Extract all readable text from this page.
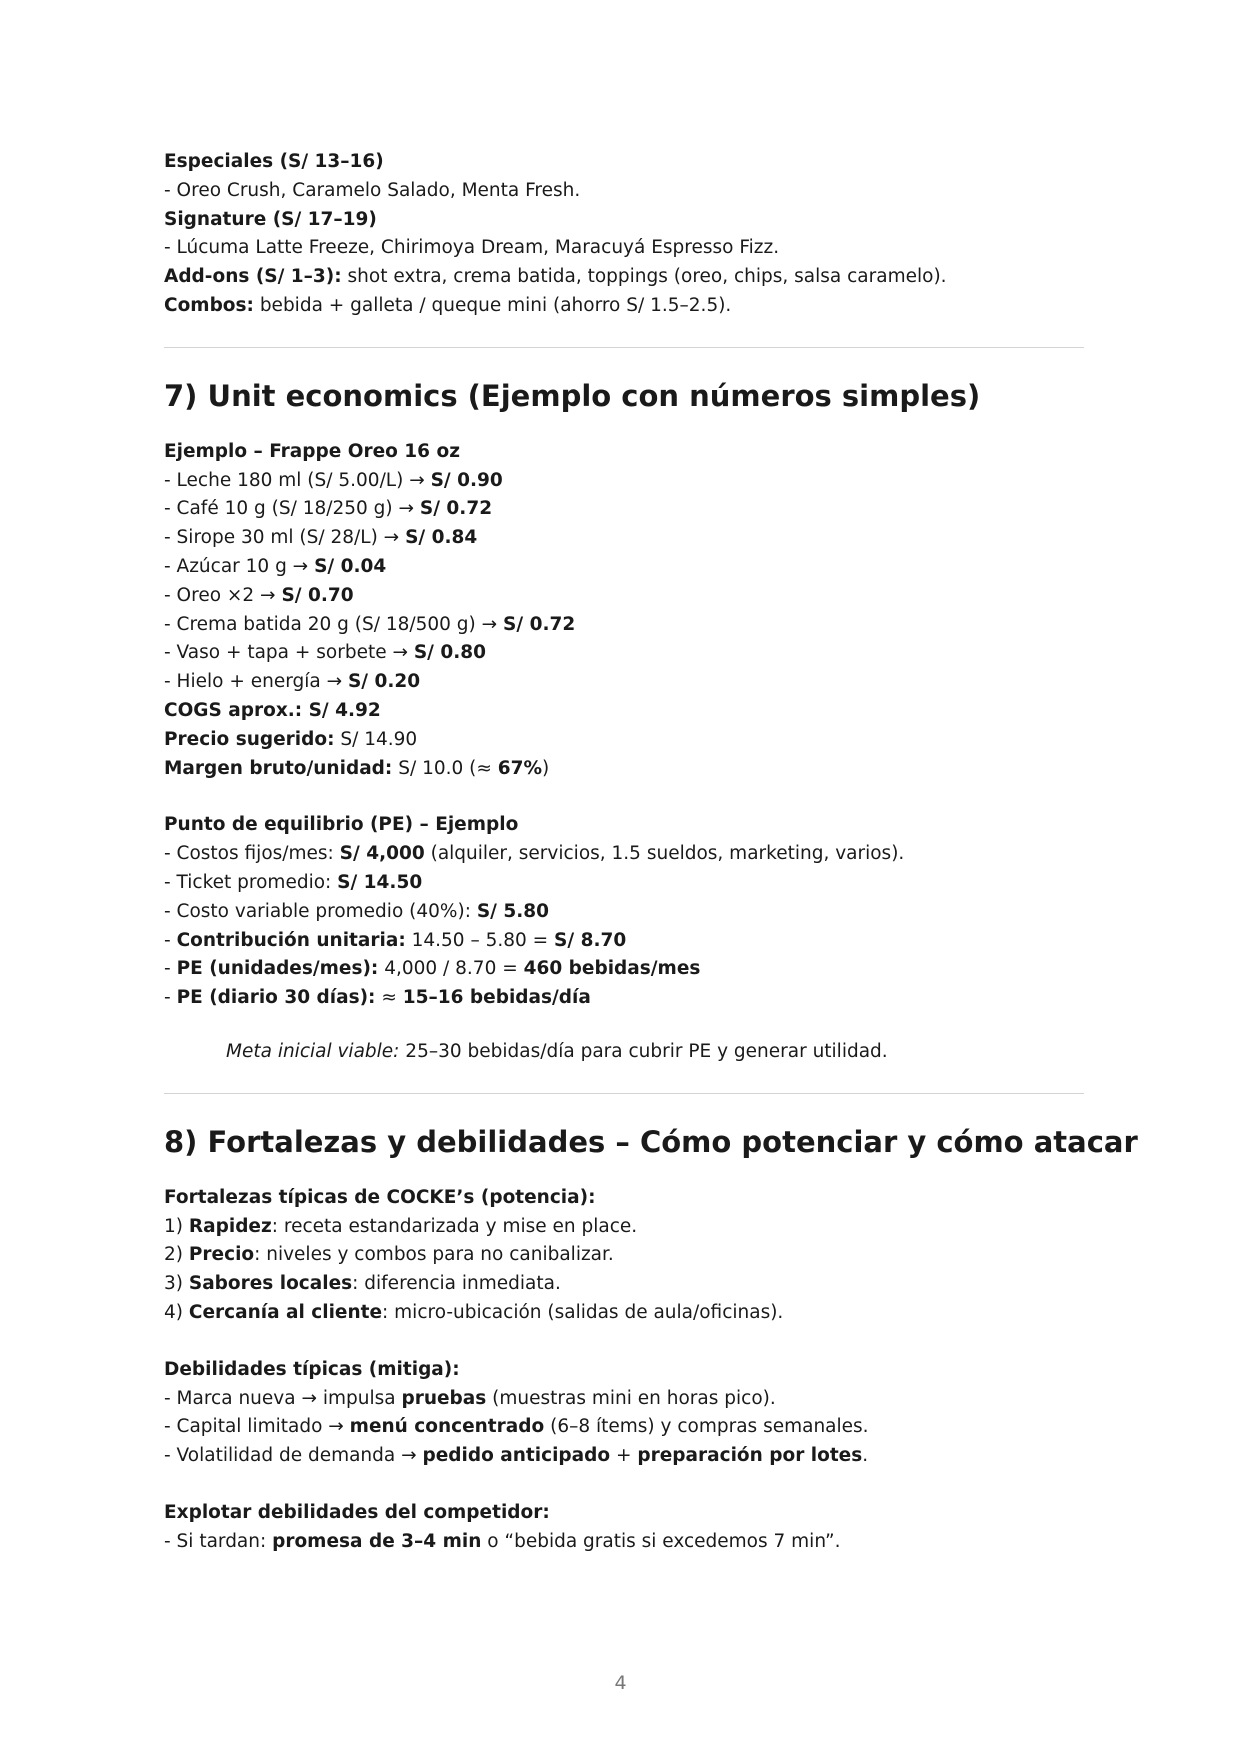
Especiales (S/ 13–16)
- Oreo Crush, Caramelo Salado, Menta Fresh.
Signature (S/ 17–19)
- Lúcuma Latte Freeze, Chirimoya Dream, Maracuyá Espresso Fizz.
Add-ons (S/ 1–3): shot extra, crema batida, toppings (oreo, chips, salsa caramelo).
Combos: bebida + galleta / queque mini (ahorro S/ 1.5–2.5).
7) Unit economics (Ejemplo con números simples)
Ejemplo – Frappe Oreo 16 oz
- Leche 180 ml (S/ 5.00/L) → S/ 0.90
- Café 10 g (S/ 18/250 g) → S/ 0.72
- Sirope 30 ml (S/ 28/L) → S/ 0.84
- Azúcar 10 g → S/ 0.04
- Oreo ×2 → S/ 0.70
- Crema batida 20 g (S/ 18/500 g) → S/ 0.72
- Vaso + tapa + sorbete → S/ 0.80
- Hielo + energía → S/ 0.20
COGS aprox.: S/ 4.92
Precio sugerido: S/ 14.90
Margen bruto/unidad: S/ 10.0 (≈ 67%)
Punto de equilibrio (PE) – Ejemplo
- Costos fijos/mes: S/ 4,000 (alquiler, servicios, 1.5 sueldos, marketing, varios).
- Ticket promedio: S/ 14.50
- Costo variable promedio (40%): S/ 5.80
- Contribución unitaria: 14.50 – 5.80 = S/ 8.70
- PE (unidades/mes): 4,000 / 8.70 = 460 bebidas/mes
- PE (diario 30 días): ≈ 15–16 bebidas/día
Meta inicial viable: 25–30 bebidas/día para cubrir PE y generar utilidad.
8) Fortalezas y debilidades – Cómo potenciar y cómo atacar
Fortalezas típicas de COCKE’s (potencia):
1) Rapidez: receta estandarizada y mise en place.
2) Precio: niveles y combos para no canibalizar.
3) Sabores locales: diferencia inmediata.
4) Cercanía al cliente: micro-ubicación (salidas de aula/oficinas).
Debilidades típicas (mitiga):
- Marca nueva → impulsa pruebas (muestras mini en horas pico).
- Capital limitado → menú concentrado (6–8 ítems) y compras semanales.
- Volatilidad de demanda → pedido anticipado + preparación por lotes.
Explotar debilidades del competidor:
- Si tardan: promesa de 3–4 min o “bebida gratis si excedemos 7 min”.
4
